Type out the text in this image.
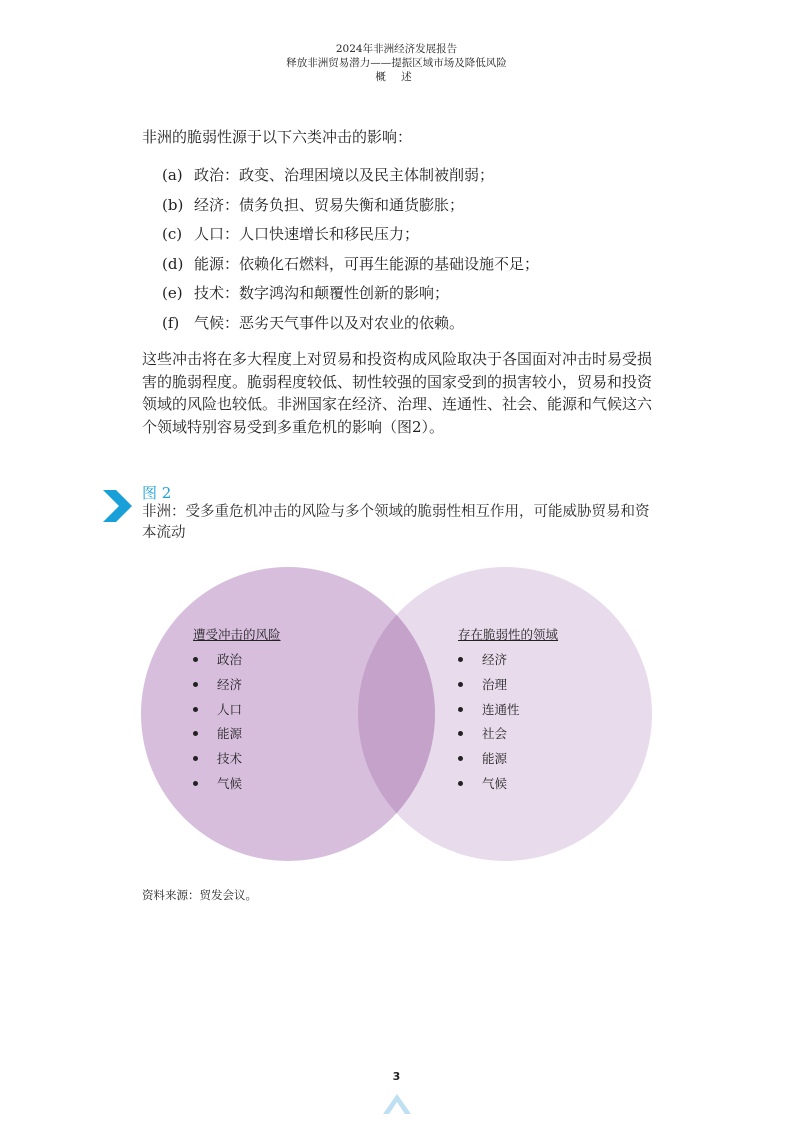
2024年非洲经济发展报告
释放非洲贸易潜力——提振区域市场及降低风险
概 述
非洲的脆弱性源于以下六类冲击的影响：
(a) 政治：政变、治理困境以及民主体制被削弱；
(b) 经济：债务负担、贸易失衡和通货膨胀；
(c) 人口：人口快速增长和移民压力；
(d) 能源：依赖化石燃料，可再生能源的基础设施不足；
(e) 技术：数字鸿沟和颠覆性创新的影响；
(f) 气候：恶劣天气事件以及对农业的依赖。

这些冲击将在多大程度上对贸易和投资构成风险取决于各国面对冲击时易受损害的脆弱程度。脆弱程度较低、韧性较强的国家受到的损害较小，贸易和投资领域的风险也较低。非洲国家在经济、治理、连通性、社会、能源和气候这六个领域特别容易受到多重危机的影响（图2）。

图 2
非洲：受多重危机冲击的风险与多个领域的脆弱性相互作用，可能威胁贸易和资本流动
遭受冲击的风险
政治
经济
人口
能源
技术
气候
存在脆弱性的领域
经济
治理
连通性
社会
能源
气候
资料来源：贸发会议。
3
